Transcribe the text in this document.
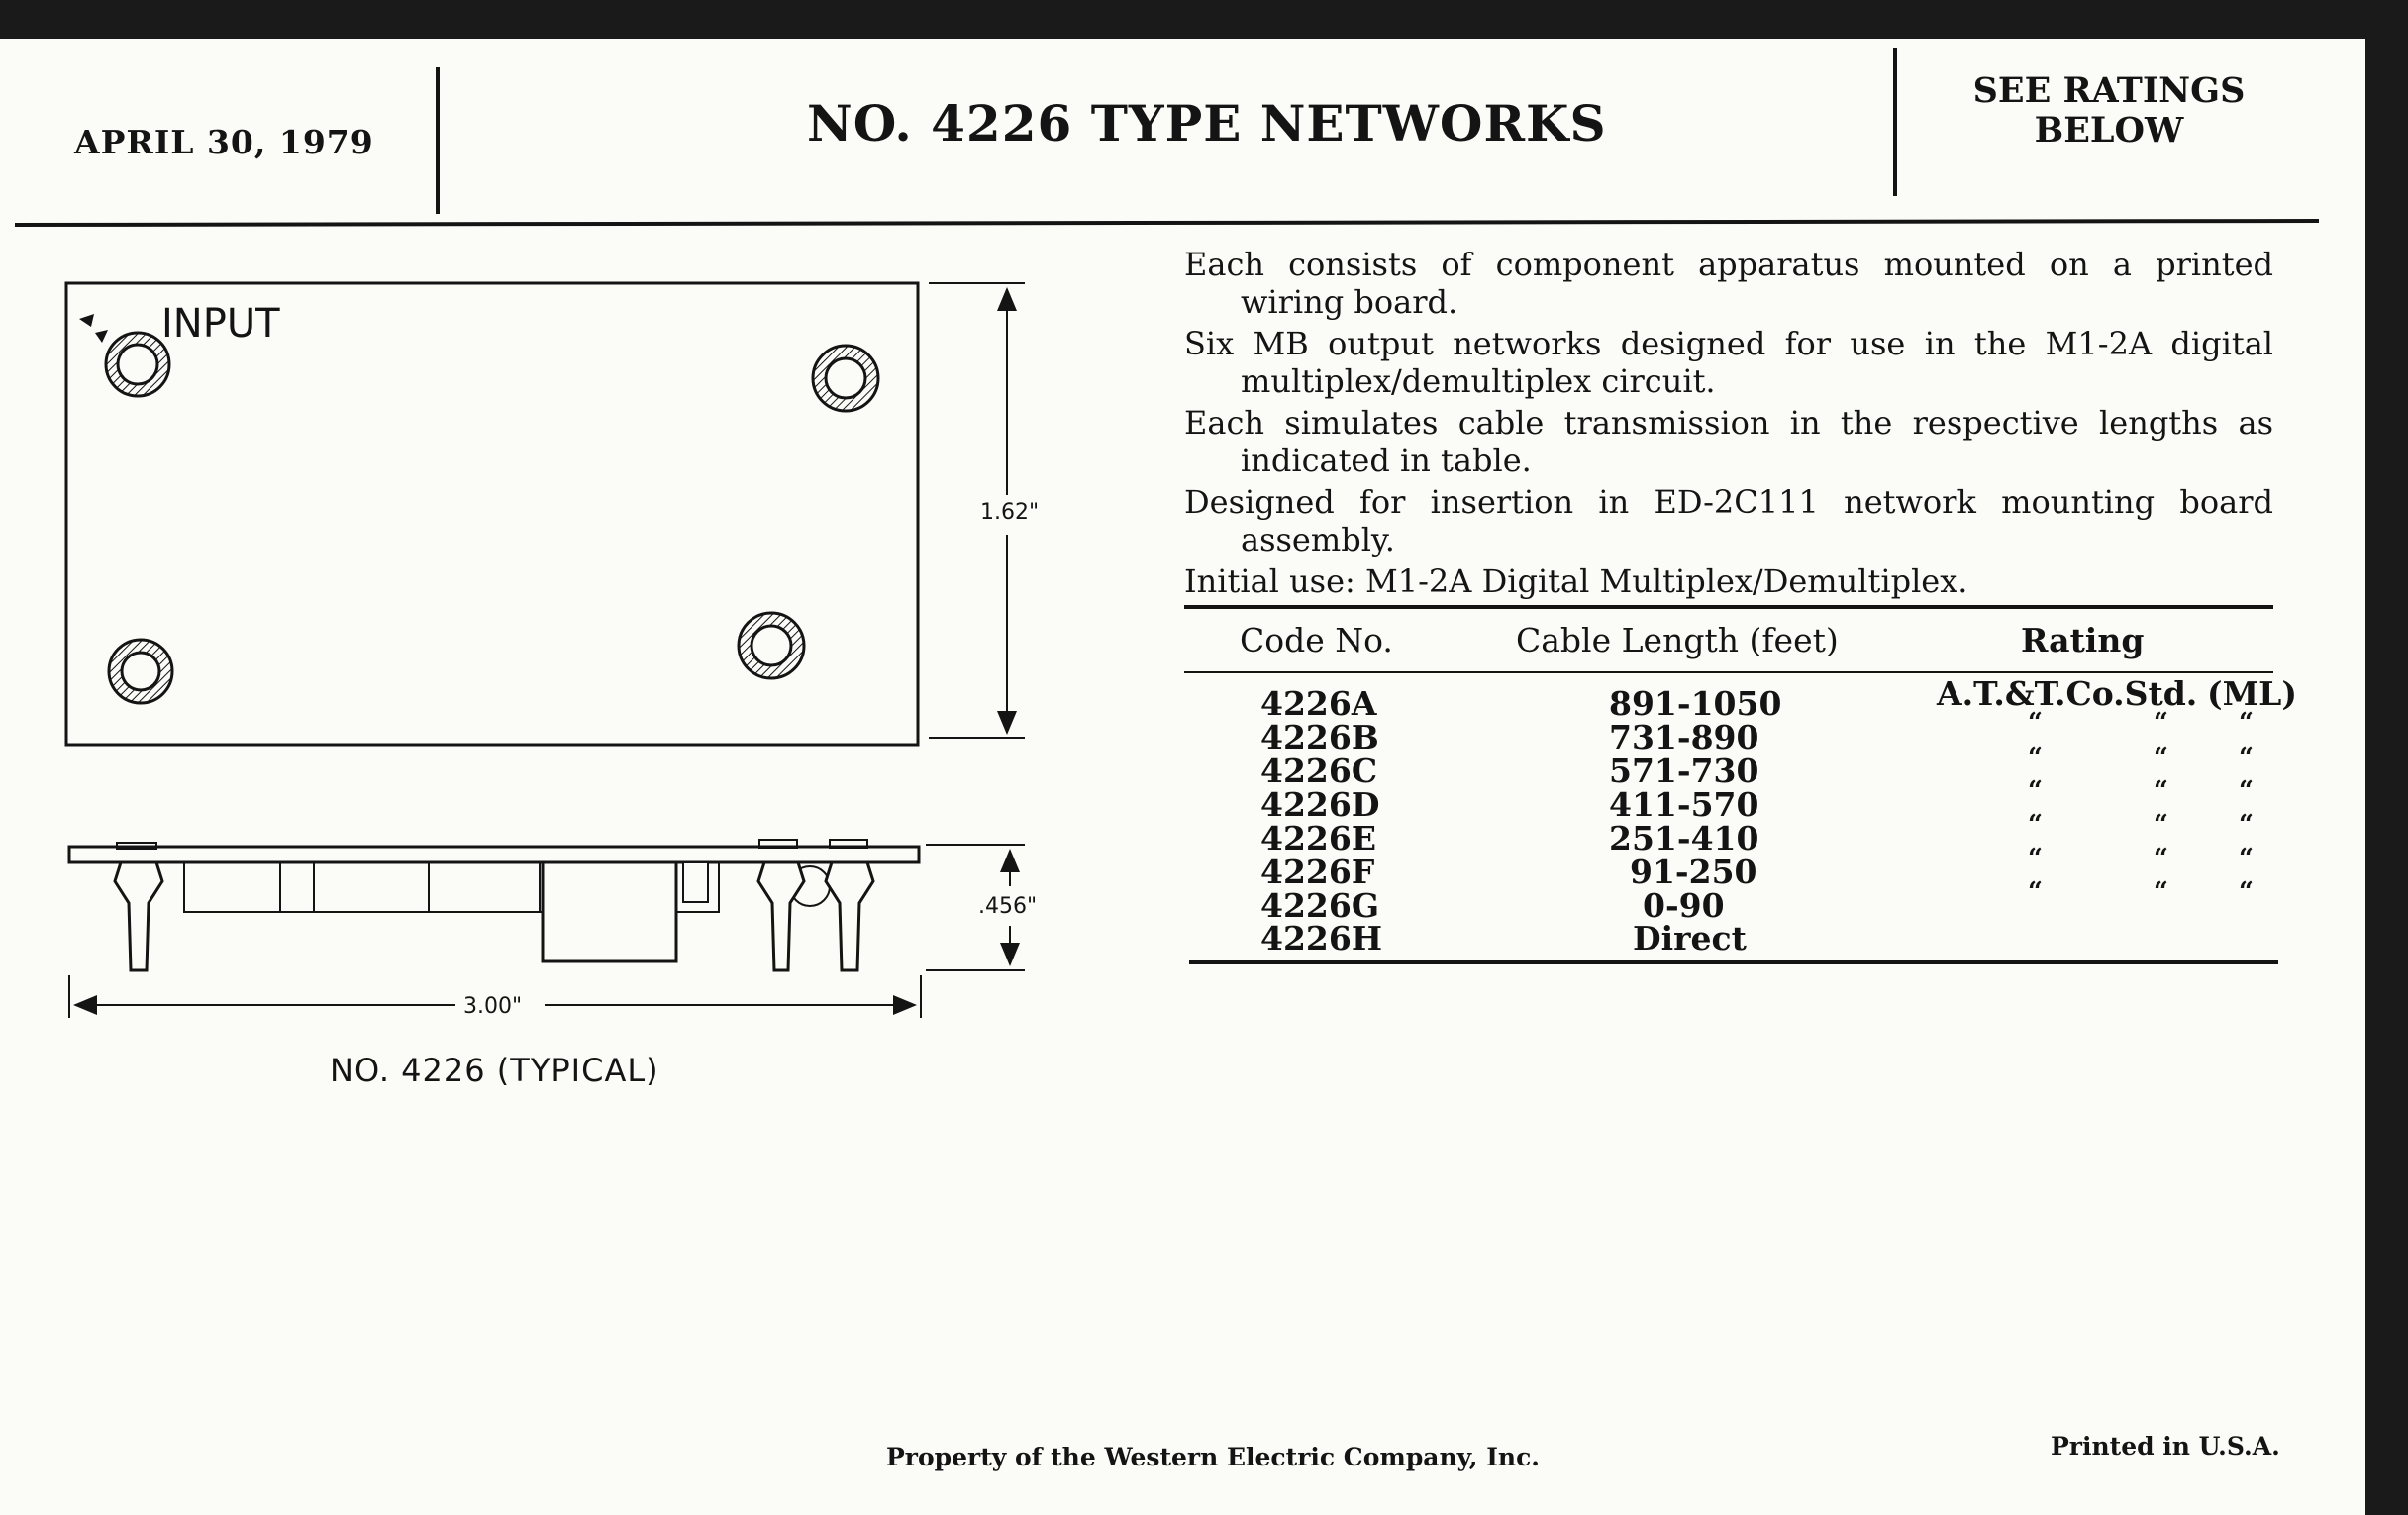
APRIL 30, 1979	NO. 4226 TYPE NETWORKS
SEE RATINGS
BELOW
INPUT
1.62"
.456"
3.00"
NO. 4226 (TYPICAL)

Each consists of component apparatus mounted on a printed wiring board.

Six MB output networks designed for use in the M1-2A digital multiplex/demultiplex circuit.

Each simulates cable transmission in the respective lengths as indicated in table.

Designed for insertion in ED-2C111 network mounting board assembly.

Initial use: M1-2A Digital Multiplex/Demultiplex.

Code No.	Cable Length (feet)	Rating
4226A	891-1050	A.T.&T.Co.Std. (ML)
4226B	731-890	“	“	“
4226C	571-730	“	“	“
4226D	411-570	“	“	“
4226E	251-410	“	“	“
4226F	91-250	“	“	“
4226G	0-90	“	“	“
4226H	Direct
Property of the Western Electric Company, Inc.	Printed in U.S.A.
